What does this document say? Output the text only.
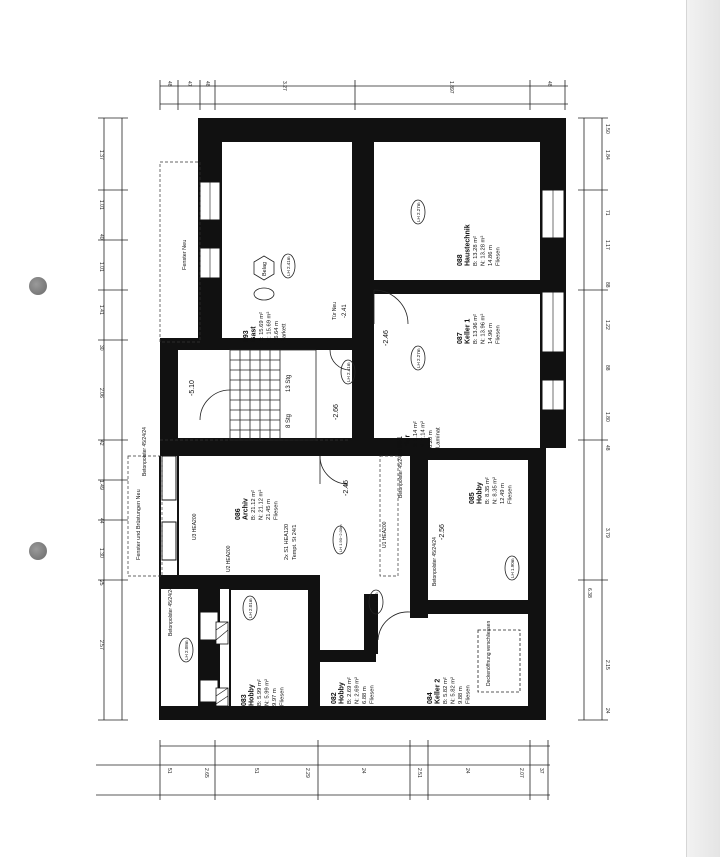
48	47 48	3.27	1.897	48
1.37
1.01
40
1.01
1.41
30
2.06
42
1.49
44
1.30
25
2.57
51	2.65	51	2.29	24	2.51	24	2.07	37
1.50
1.84
71
1.17
88
1.22
88
1.80
48
3.79
6.38
2.15
24
093 Gast B: 15.69 m² N: 15.69 m² 16.64 m Parkett
088 Haustechnik B: 13.28 m² N: 13.28 m² 14.86 m Fliesen
087 Keller 1 B: 13.96 m² N: 13.96 m² 14.96 m Fliesen
091 Flur B: 2.14 m² N: 2.14 m² 6.20 m Laminat
086 Archiv B: 21.12 m² N: 21.12 m² 21.45 m Fliesen
085 Hobby B: 8.35 m² N: 8.35 m² 12.49 m Fliesen
083 Hobby B: 5.99 m² N: 5.99 m² 9.97 m Fliesen	082 Hobby B: 2.69 m² N: 2.69 m² 6.88 m Fliesen	084 Keller 2 B: 5.82 m² N: 5.82 m² 9.88 m Fliesen
Fenster Neu
Fenster und Brüstungen Neu
Betonpolster 45/24/24	Betonpolster 45/24/24
Betonpolster 45/24/24
Betonpolster 45/24/24
Deckenöffnung verschliessen
Belag
Tür Neu
13 Stg
8 Stg
-5.10
-2.66
-2.46
-2.46
-2.56
-2.41
U3 HEA200
U2 HEA200
U1 HEA200
2x S1 HEA120 Tempt. St 24/1
LH 2.41m
LH 2.27m
LH 2.27m
LH 2.41m
LH 1.90~2.00m
LH 1.90m
LH 2.08m
LH 2.01m	LH 1.94m
